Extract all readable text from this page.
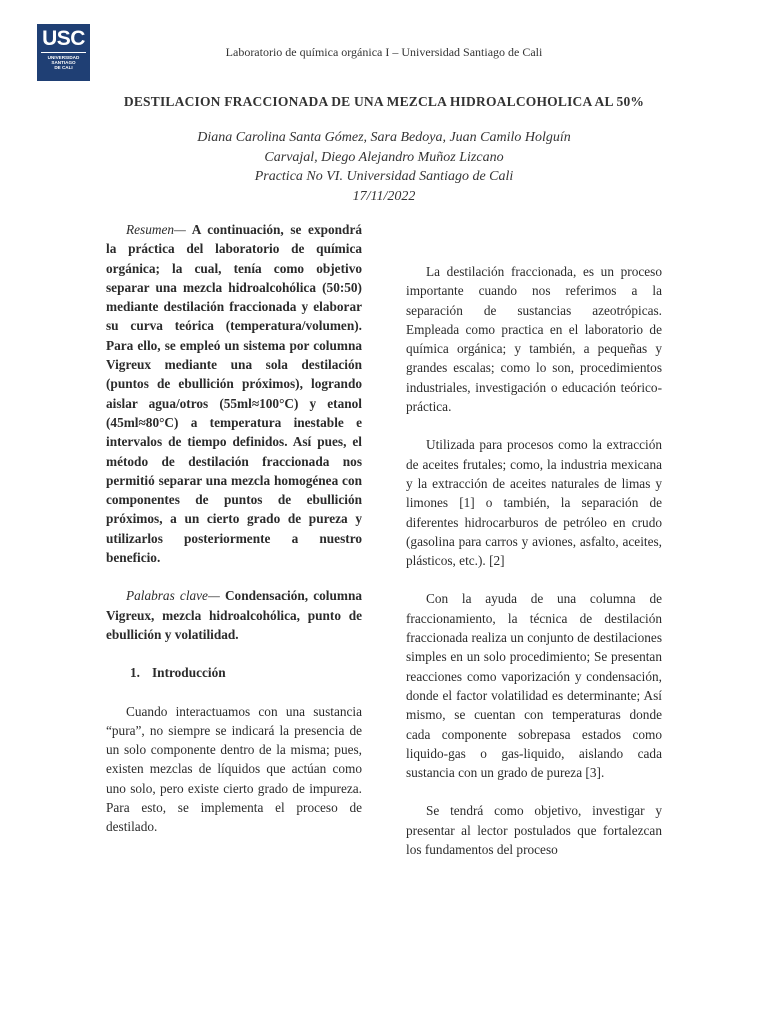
USC
UNIVERSIDAD
SANTIAGO
DE CALI
Laboratorio de química orgánica I – Universidad Santiago de Cali
DESTILACION FRACCIONADA DE UNA MEZCLA HIDROALCOHOLICA AL 50%
Diana Carolina Santa Gómez, Sara Bedoya, Juan Camilo Holguín
Carvajal, Diego Alejandro Muñoz Lizcano
Practica No VI. Universidad Santiago de Cali
17/11/2022

Resumen— A continuación, se expondrá la práctica del laboratorio de química orgánica; la cual, tenía como objetivo separar una mezcla hidroalcohólica (50:50) mediante destilación fraccionada y elaborar su curva teórica (temperatura/volumen). Para ello, se empleó un sistema por columna Vigreux mediante una sola destilación (puntos de ebullición próximos), logrando aislar agua/otros (55ml≈100°C) y etanol (45ml≈80°C) a temperatura inestable e intervalos de tiempo definidos. Así pues, el método de destilación fraccionada nos permitió separar una mezcla homogénea con componentes de puntos de ebullición próximos, a un cierto grado de pureza y utilizarlos posteriormente a nuestro beneficio.

Palabras clave— Condensación, columna Vigreux, mezcla hidroalcohólica, punto de ebullición y volatilidad.

1. Introducción

Cuando interactuamos con una sustancia “pura”, no siempre se indicará la presencia de un solo componente dentro de la misma; pues, existen mezclas de líquidos que actúan como uno solo, pero existe cierto grado de impureza. Para esto, se implementa el proceso de destilado.

La destilación fraccionada, es un proceso importante cuando nos referimos a la separación de sustancias azeotrópicas. Empleada como practica en el laboratorio de química orgánica; y también, a pequeñas y grandes escalas; como lo son, procedimientos industriales, investigación o educación teórico-práctica.

Utilizada para procesos como la extracción de aceites frutales; como, la industria mexicana y la extracción de aceites naturales de limas y limones [1] o también, la separación de diferentes hidrocarburos de petróleo en crudo (gasolina para carros y aviones, asfalto, aceites, plásticos, etc.). [2]

Con la ayuda de una columna de fraccionamiento, la técnica de destilación fraccionada realiza un conjunto de destilaciones simples en un solo procedimiento; Se presentan reacciones como vaporización y condensación, donde el factor volatilidad es determinante; Así mismo, se cuentan con temperaturas donde cada componente sobrepasa estados como liquido-gas o gas-liquido, aislando cada sustancia con un grado de pureza [3].

Se tendrá como objetivo, investigar y presentar al lector postulados que fortalezcan los fundamentos del proceso
